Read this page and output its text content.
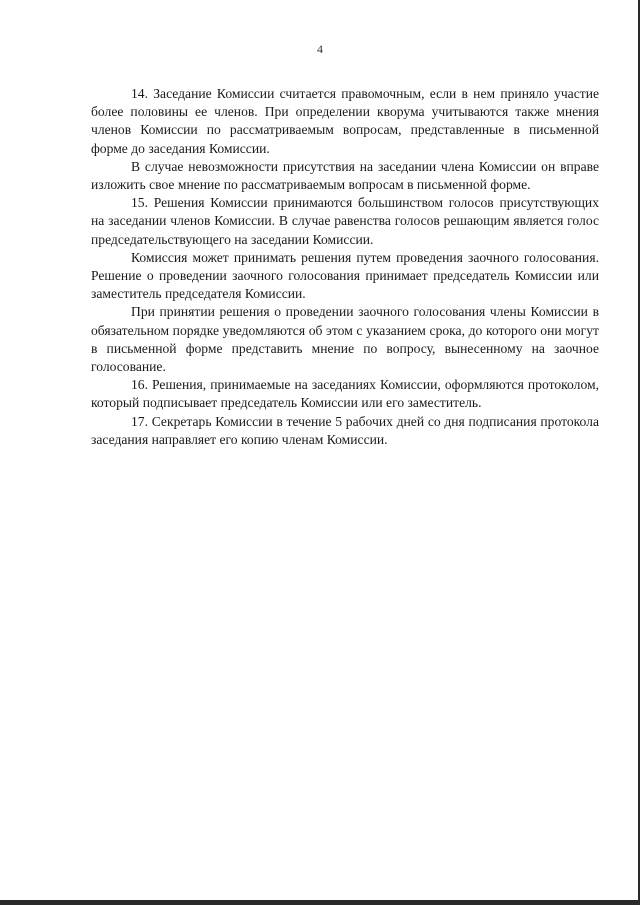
4

14. Заседание Комиссии считается правомочным, если в нем приняло участие более половины ее членов. При определении кворума учитываются также мнения членов Комиссии по рассматриваемым вопросам, представленные в письменной форме до заседания Комиссии.

В случае невозможности присутствия на заседании члена Комиссии он вправе изложить свое мнение по рассматриваемым вопросам в письменной форме.

15. Решения Комиссии принимаются большинством голосов присутствующих на заседании членов Комиссии. В случае равенства голосов решающим является голос председательствующего на заседании Комиссии.

Комиссия может принимать решения путем проведения заочного голосования. Решение о проведении заочного голосования принимает председатель Комиссии или заместитель председателя Комиссии.

При принятии решения о проведении заочного голосования члены Комиссии в обязательном порядке уведомляются об этом с указанием срока, до которого они могут в письменной форме представить мнение по вопросу, вынесенному на заочное голосование.

16. Решения, принимаемые на заседаниях Комиссии, оформляются протоколом, который подписывает председатель Комиссии или его заместитель.

17. Секретарь Комиссии в течение 5 рабочих дней со дня подписания протокола заседания направляет его копию членам Комиссии.
